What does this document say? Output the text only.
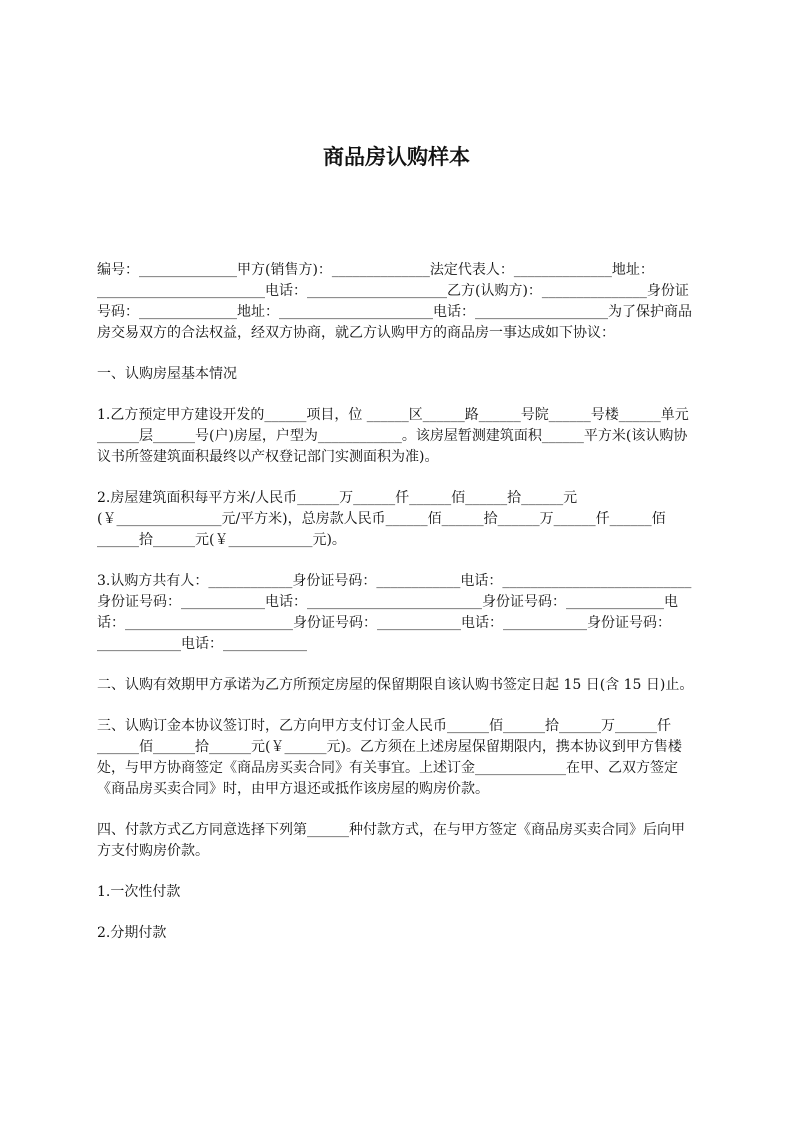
商品房认购样本

编号：______________甲方(销售方)：______________法定代表人：______________地址：________________________电话：____________________乙方(认购方)：_______________身份证号码：______________地址：______________________电话：___________________为了保护商品房交易双方的合法权益，经双方协商，就乙方认购甲方的商品房一事达成如下协议：

一、认购房屋基本情况

1.乙方预定甲方建设开发的______项目，位 ______区______路______号院______号楼______单元______层______号(户)房屋，户型为____________。该房屋暂测建筑面积______平方米(该认购协议书所签建筑面积最终以产权登记部门实测面积为准)。

2.房屋建筑面积每平方米/人民币______万______仟______佰______拾______元(￥_______________元/平方米)，总房款人民币______佰______拾______万______仟______佰______拾______元(￥____________元)。

3.认购方共有人：____________身份证号码：____________电话：___________________________身份证号码：____________电话：_________________________身份证号码：______________电话：________________________身份证号码：____________电话：____________身份证号码：____________电话：____________

二、认购有效期甲方承诺为乙方所预定房屋的保留期限自该认购书签定日起 15 日(含 15 日)止。

三、认购订金本协议签订时，乙方向甲方支付订金人民币______佰______拾______万______仟______佰______拾______元(￥______元)。乙方须在上述房屋保留期限内，携本协议到甲方售楼处，与甲方协商签定《商品房买卖合同》有关事宜。上述订金_____________在甲、乙双方签定《商品房买卖合同》时，由甲方退还或抵作该房屋的购房价款。

四、付款方式乙方同意选择下列第______种付款方式，在与甲方签定《商品房买卖合同》后向甲方支付购房价款。

1.一次性付款

2.分期付款
